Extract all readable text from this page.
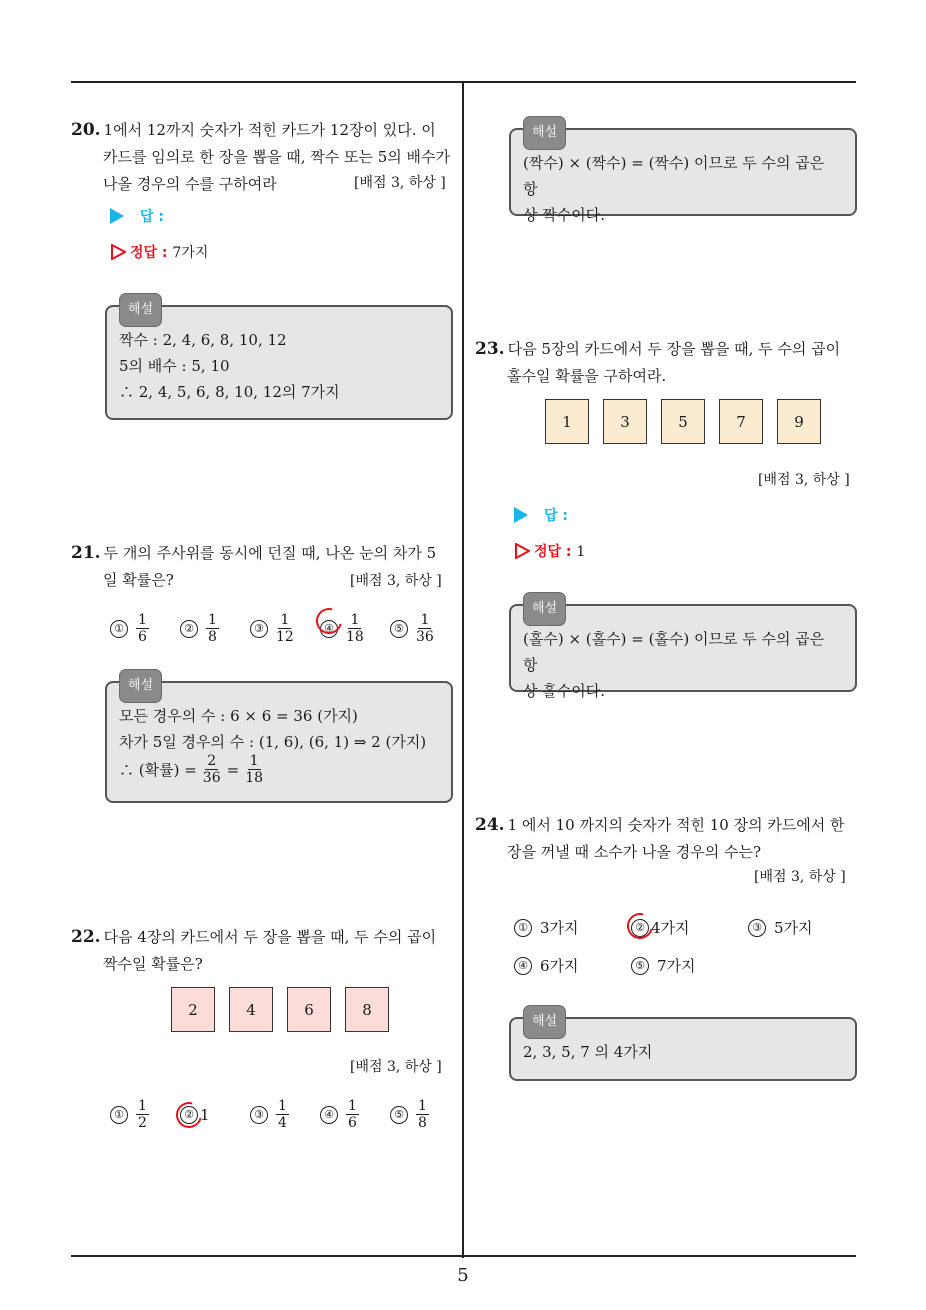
5
20. 1에서 12까지 숫자가 적힌 카드가 12장이 있다. 이
카드를 임의로 한 장을 뽑을 때, 짝수 또는 5의 배수가
나올 경우의 수를 구하여라	[배점 3, 하상 ]
답 :
정답 : 7가지
해설
짝수 : 2, 4, 6, 8, 10, 12
5의 배수 : 5, 10
∴ 2, 4, 5, 6, 8, 10, 12의 7가지
21. 두 개의 주사위를 동시에 던질 때, 나온 눈의 차가 5
일 확률은?	[배점 3, 하상 ]
① $\frac{1}{6}$	② $\frac{1}{8}$	③ $\frac{1}{12}$	④ $\frac{1}{18}$	⑤ $\frac{1}{36}$
해설
모든 경우의 수 : 6 × 6 = 36 (가지)
차가 5일 경우의 수 : (1, 6), (6, 1) ⇒ 2 (가지)
∴ (확률) = $\frac{2}{36} = \frac{1}{18}$
22. 다음 4장의 카드에서 두 장을 뽑을 때, 두 수의 곱이
짝수일 확률은?
2	4	6	8
[배점 3, 하상 ]
① $\frac{1}{2}$	② 1	③ $\frac{1}{4}$	④ $\frac{1}{6}$	⑤ $\frac{1}{8}$
해설
(짝수) × (짝수) = (짝수) 이므로 두 수의 곱은 항
상 짝수이다.
23. 다음 5장의 카드에서 두 장을 뽑을 때, 두 수의 곱이
홀수일 확률을 구하여라.
1	3	5	7	9
[배점 3, 하상 ]
답 :
정답 : 1
해설
(홀수) × (홀수) = (홀수) 이므로 두 수의 곱은 항
상 홀수이다.
24. 1 에서 10 까지의 숫자가 적힌 10 장의 카드에서 한
장을 꺼낼 때 소수가 나올 경우의 수는?
[배점 3, 하상 ]
① 3가지	② 4가지	③ 5가지
④ 6가지	⑤ 7가지
해설
2, 3, 5, 7 의 4가지
